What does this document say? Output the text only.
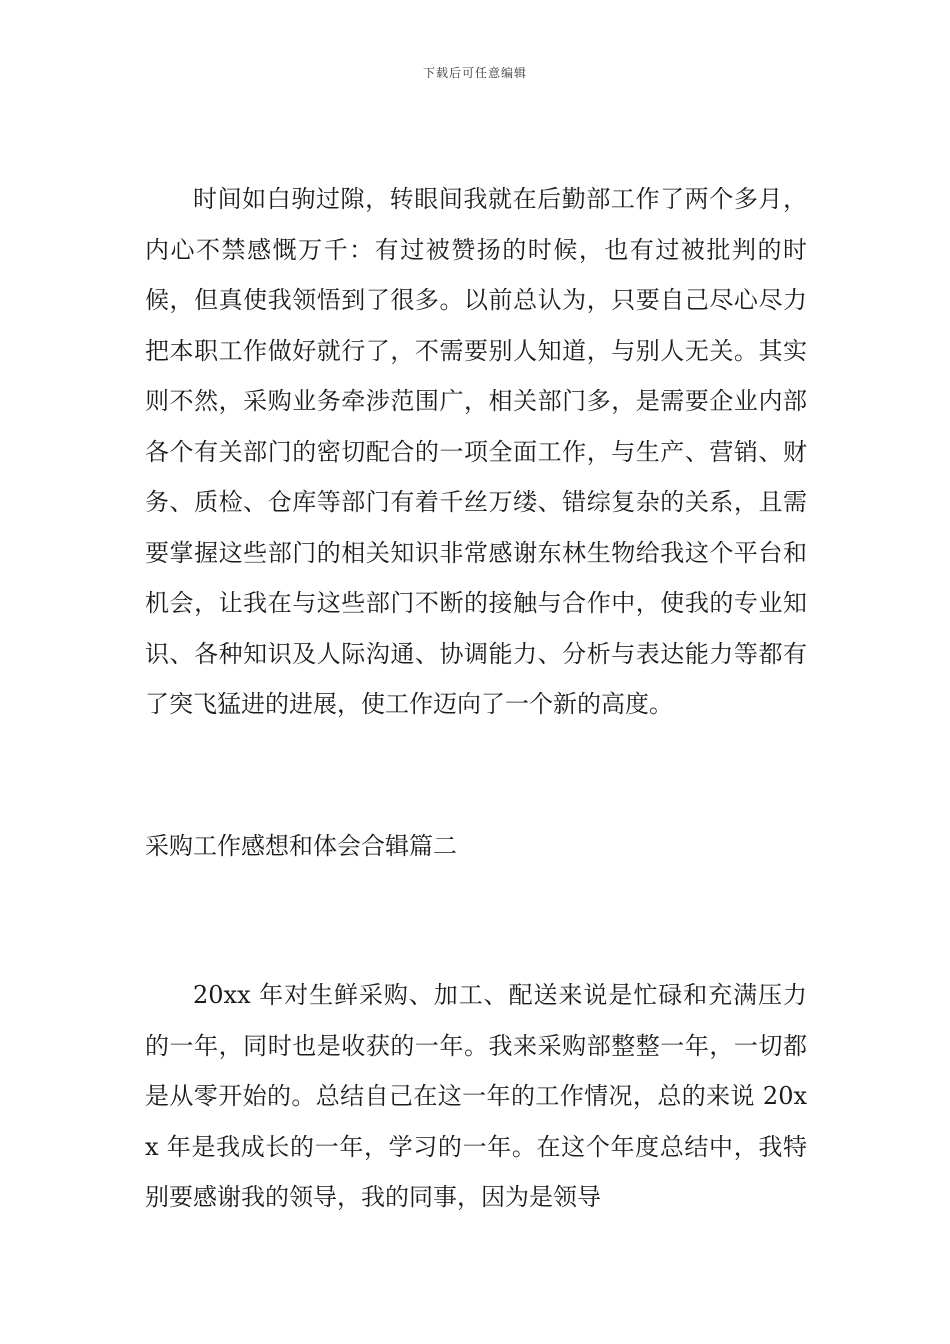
下载后可任意编辑

时间如白驹过隙，转眼间我就在后勤部工作了两个多月，内心不禁感慨万千：有过被赞扬的时候，也有过被批判的时候，但真使我领悟到了很多。以前总认为，只要自己尽心尽力把本职工作做好就行了，不需要别人知道，与别人无关。其实则不然，采购业务牵涉范围广，相关部门多，是需要企业内部各个有关部门的密切配合的一项全面工作，与生产、营销、财务、质检、仓库等部门有着千丝万缕、错综复杂的关系，且需要掌握这些部门的相关知识非常感谢东林生物给我这个平台和机会，让我在与这些部门不断的接触与合作中，使我的专业知识、各种知识及人际沟通、协调能力、分析与表达能力等都有了突飞猛进的进展，使工作迈向了一个新的高度。

采购工作感想和体会合辑篇二

20xx 年对生鲜采购、加工、配送来说是忙碌和充满压力的一年，同时也是收获的一年。我来采购部整整一年，一切都是从零开始的。总结自己在这一年的工作情况，总的来说 20xx 年是我成长的一年，学习的一年。在这个年度总结中，我特别要感谢我的领导，我的同事，因为是领导
